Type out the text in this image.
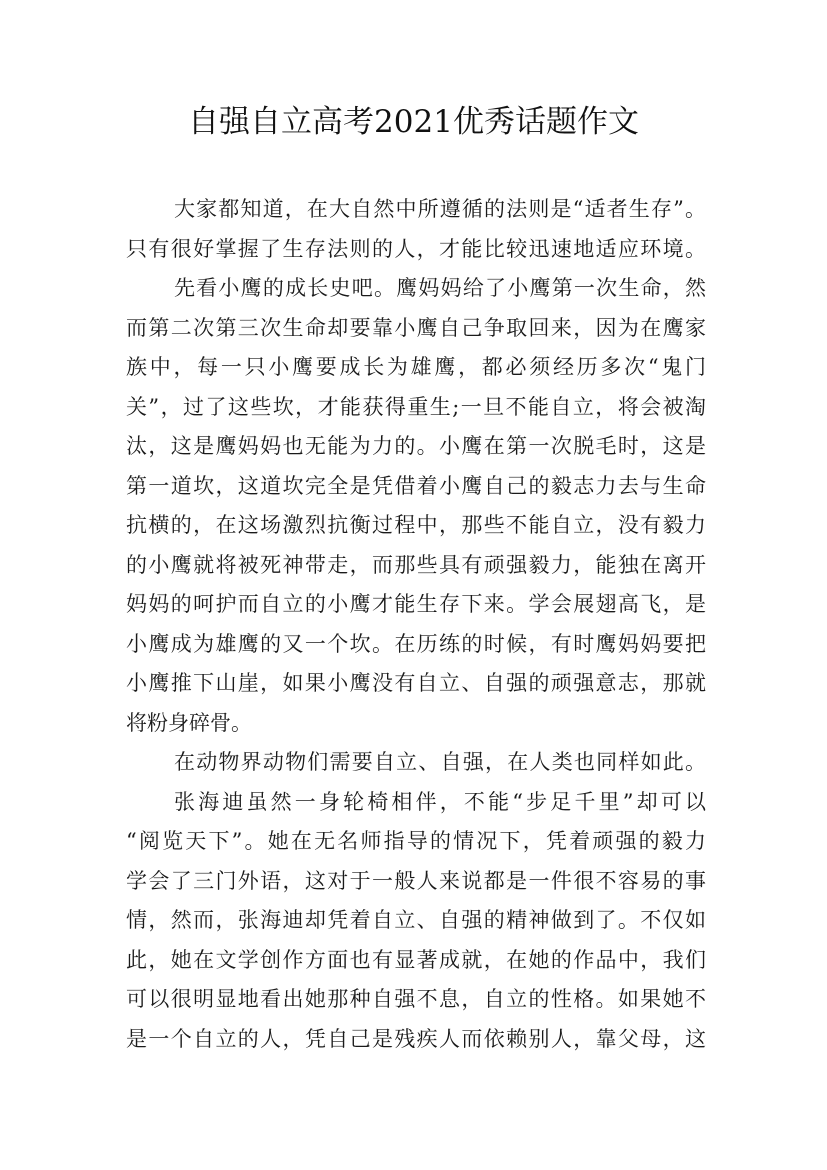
自强自立高考2021优秀话题作文
大家都知道，在大自然中所遵循的法则是“适者生存”。
只有很好掌握了生存法则的人，才能比较迅速地适应环境。
先看小鹰的成长史吧。鹰妈妈给了小鹰第一次生命，然
而第二次第三次生命却要靠小鹰自己争取回来，因为在鹰家
族中，每一只小鹰要成长为雄鹰，都必须经历多次“鬼门
关”，过了这些坎，才能获得重生;一旦不能自立，将会被淘
汰，这是鹰妈妈也无能为力的。小鹰在第一次脱毛时，这是
第一道坎，这道坎完全是凭借着小鹰自己的毅志力去与生命
抗横的，在这场激烈抗衡过程中，那些不能自立，没有毅力
的小鹰就将被死神带走，而那些具有顽强毅力，能独在离开
妈妈的呵护而自立的小鹰才能生存下来。学会展翅高飞，是
小鹰成为雄鹰的又一个坎。在历练的时候，有时鹰妈妈要把
小鹰推下山崖，如果小鹰没有自立、自强的顽强意志，那就
将粉身碎骨。
在动物界动物们需要自立、自强，在人类也同样如此。
张海迪虽然一身轮椅相伴，不能“步足千里”却可以
“阅览天下”。她在无名师指导的情况下，凭着顽强的毅力
学会了三门外语，这对于一般人来说都是一件很不容易的事
情，然而，张海迪却凭着自立、自强的精神做到了。不仅如
此，她在文学创作方面也有显著成就，在她的作品中，我们
可以很明显地看出她那种自强不息，自立的性格。如果她不
是一个自立的人，凭自己是残疾人而依赖别人，靠父母，这
